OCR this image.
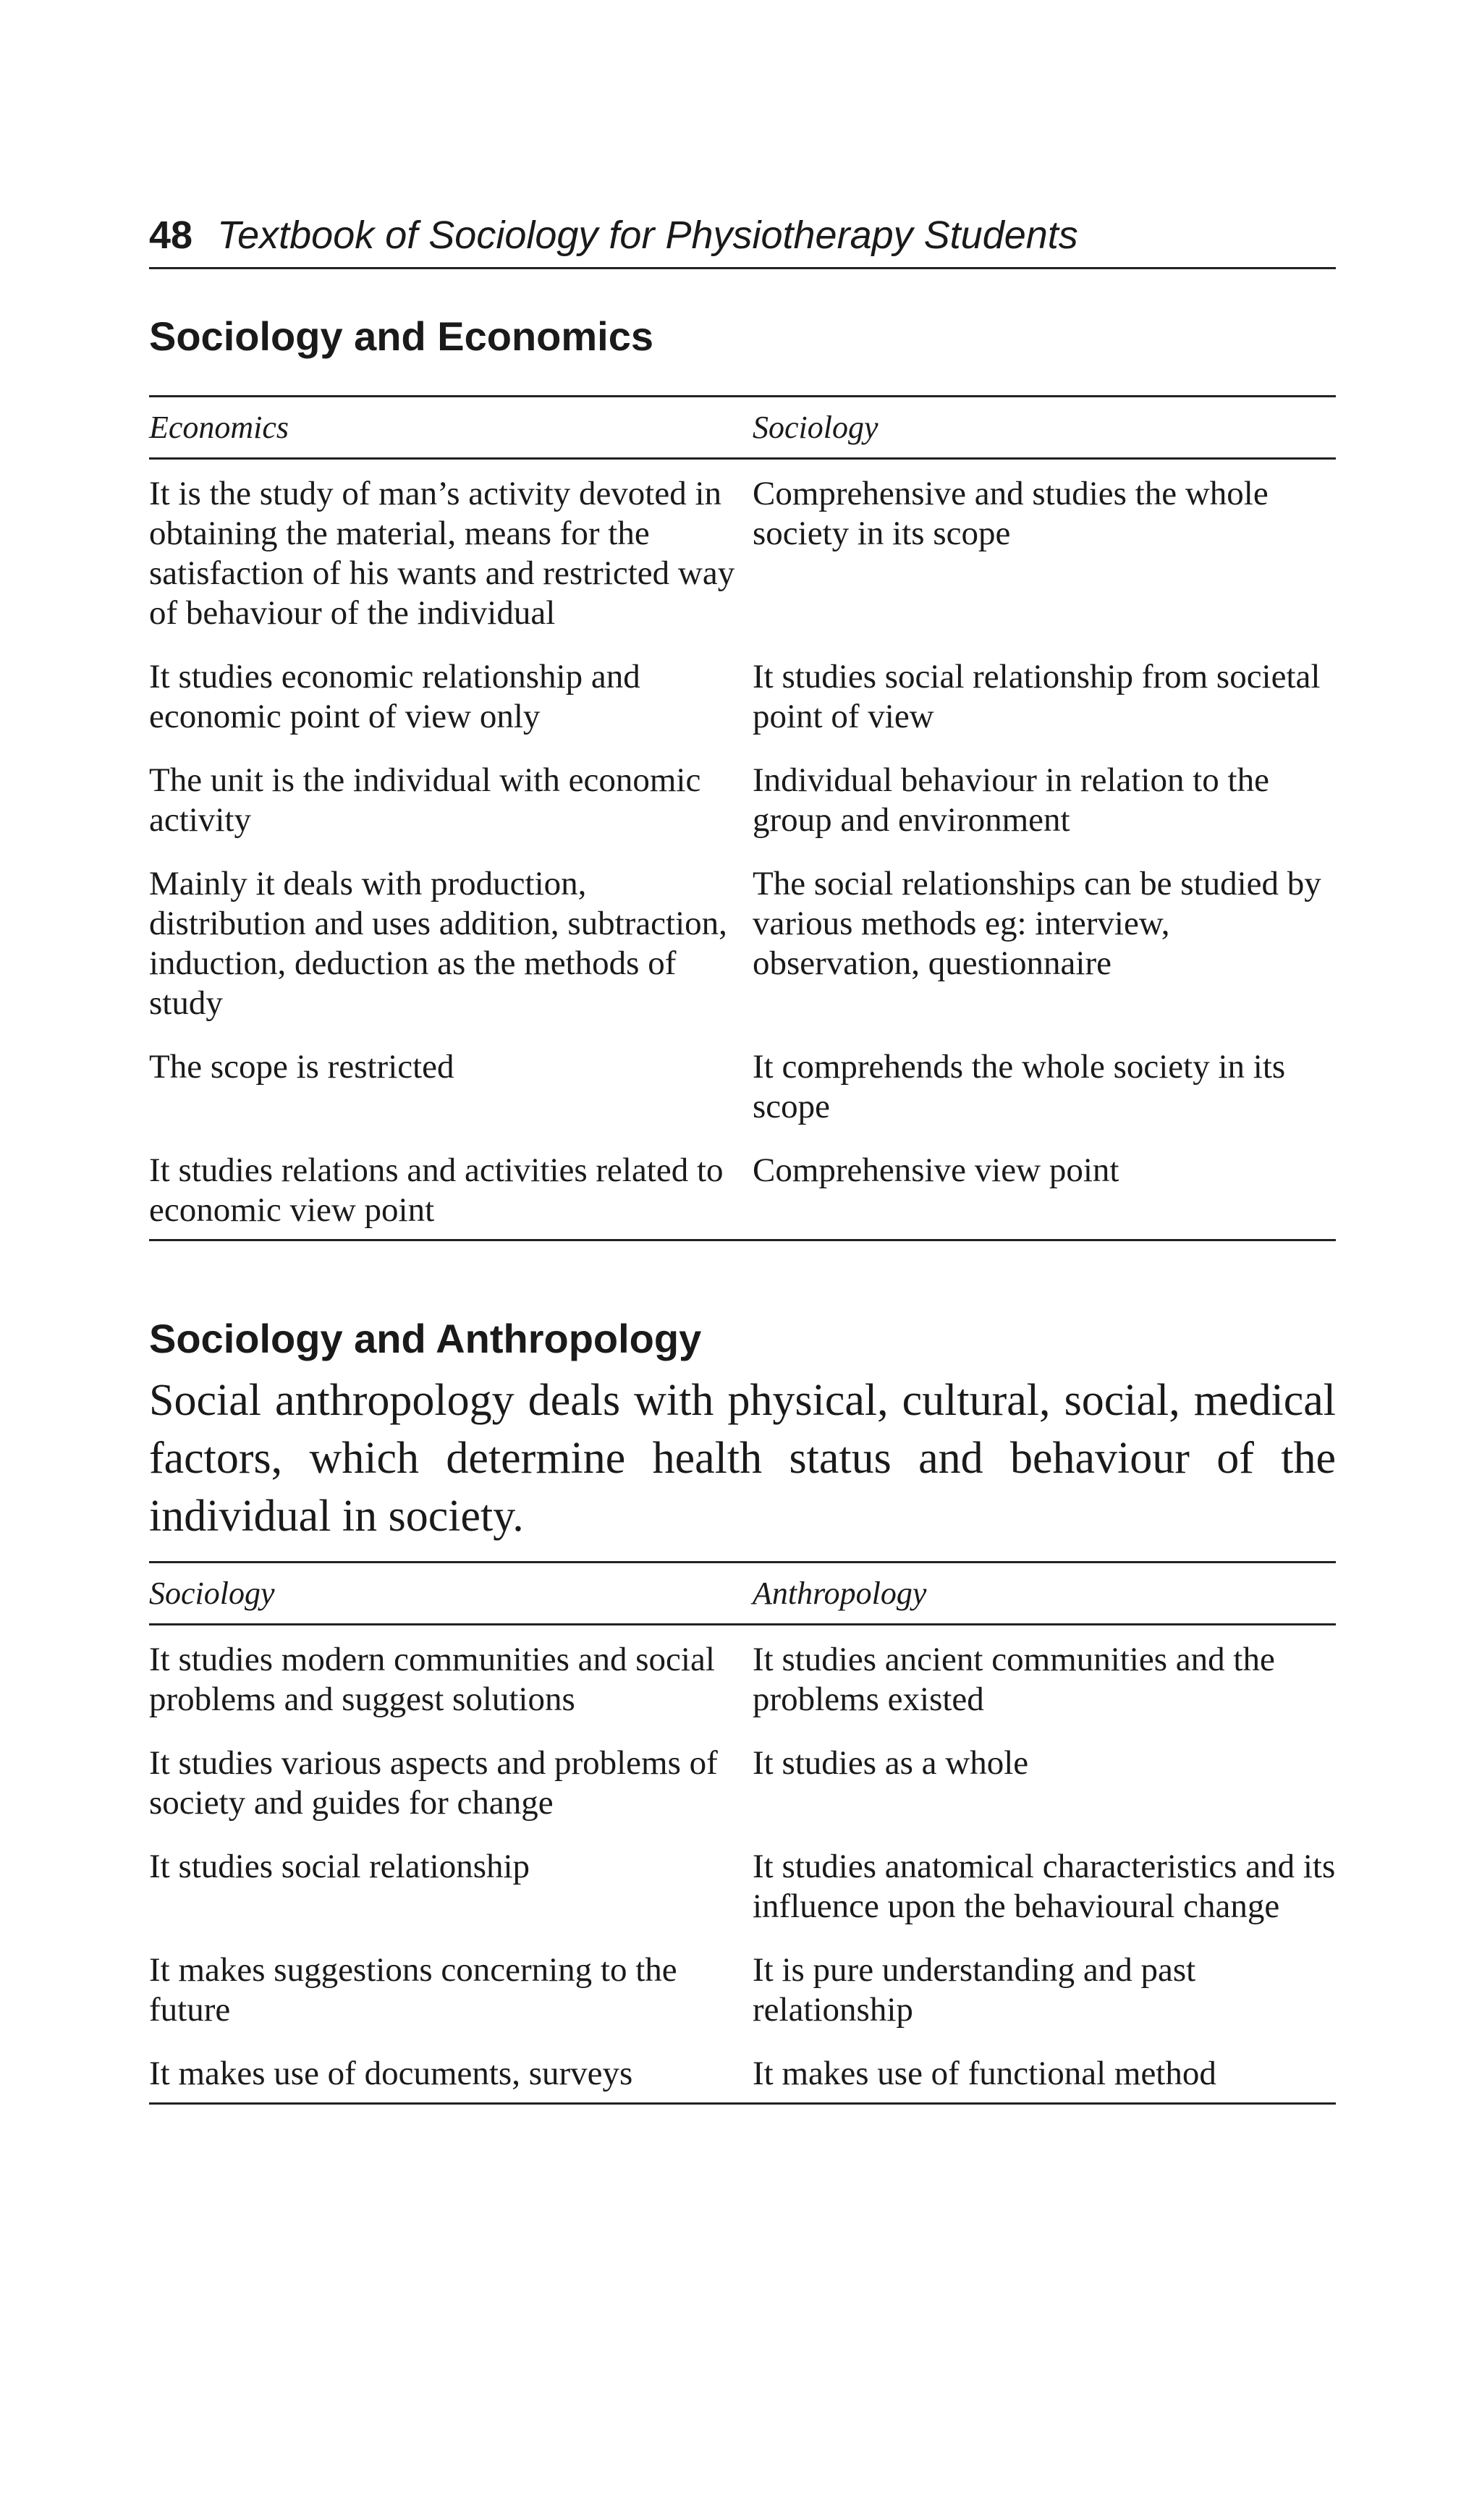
48 Textbook of Sociology for Physiotherapy Students
Sociology and Economics
Economics	Sociology
It is the study of man’s activity devoted in obtaining the material, means for the satisfaction of his wants and restricted way of behaviour of the individual	Comprehensive and studies the whole society in its scope
It studies economic relationship and economic point of view only	It studies social relationship from societal point of view
The unit is the individual with economic activity	Individual behaviour in relation to the group and environment
Mainly it deals with production, distribution and uses addition, subtraction, induction, deduction as the methods of study	The social relationships can be studied by various methods eg: interview, observation, questionnaire
The scope is restricted	It comprehends the whole society in its scope
It studies relations and activities related to economic view point	Comprehensive view point
Sociology and Anthropology

Social anthropology deals with physical, cultural, social, medical factors, which determine health status and behaviour of the individual in society.

Sociology	Anthropology
It studies modern communities and social problems and suggest solutions	It studies ancient communities and the problems existed
It studies various aspects and problems of society and guides for change	It studies as a whole
It studies social relationship	It studies anatomical characteristics and its influence upon the behavioural change
It makes suggestions concerning to the future	It is pure understanding and past relationship
It makes use of documents, surveys	It makes use of functional method
